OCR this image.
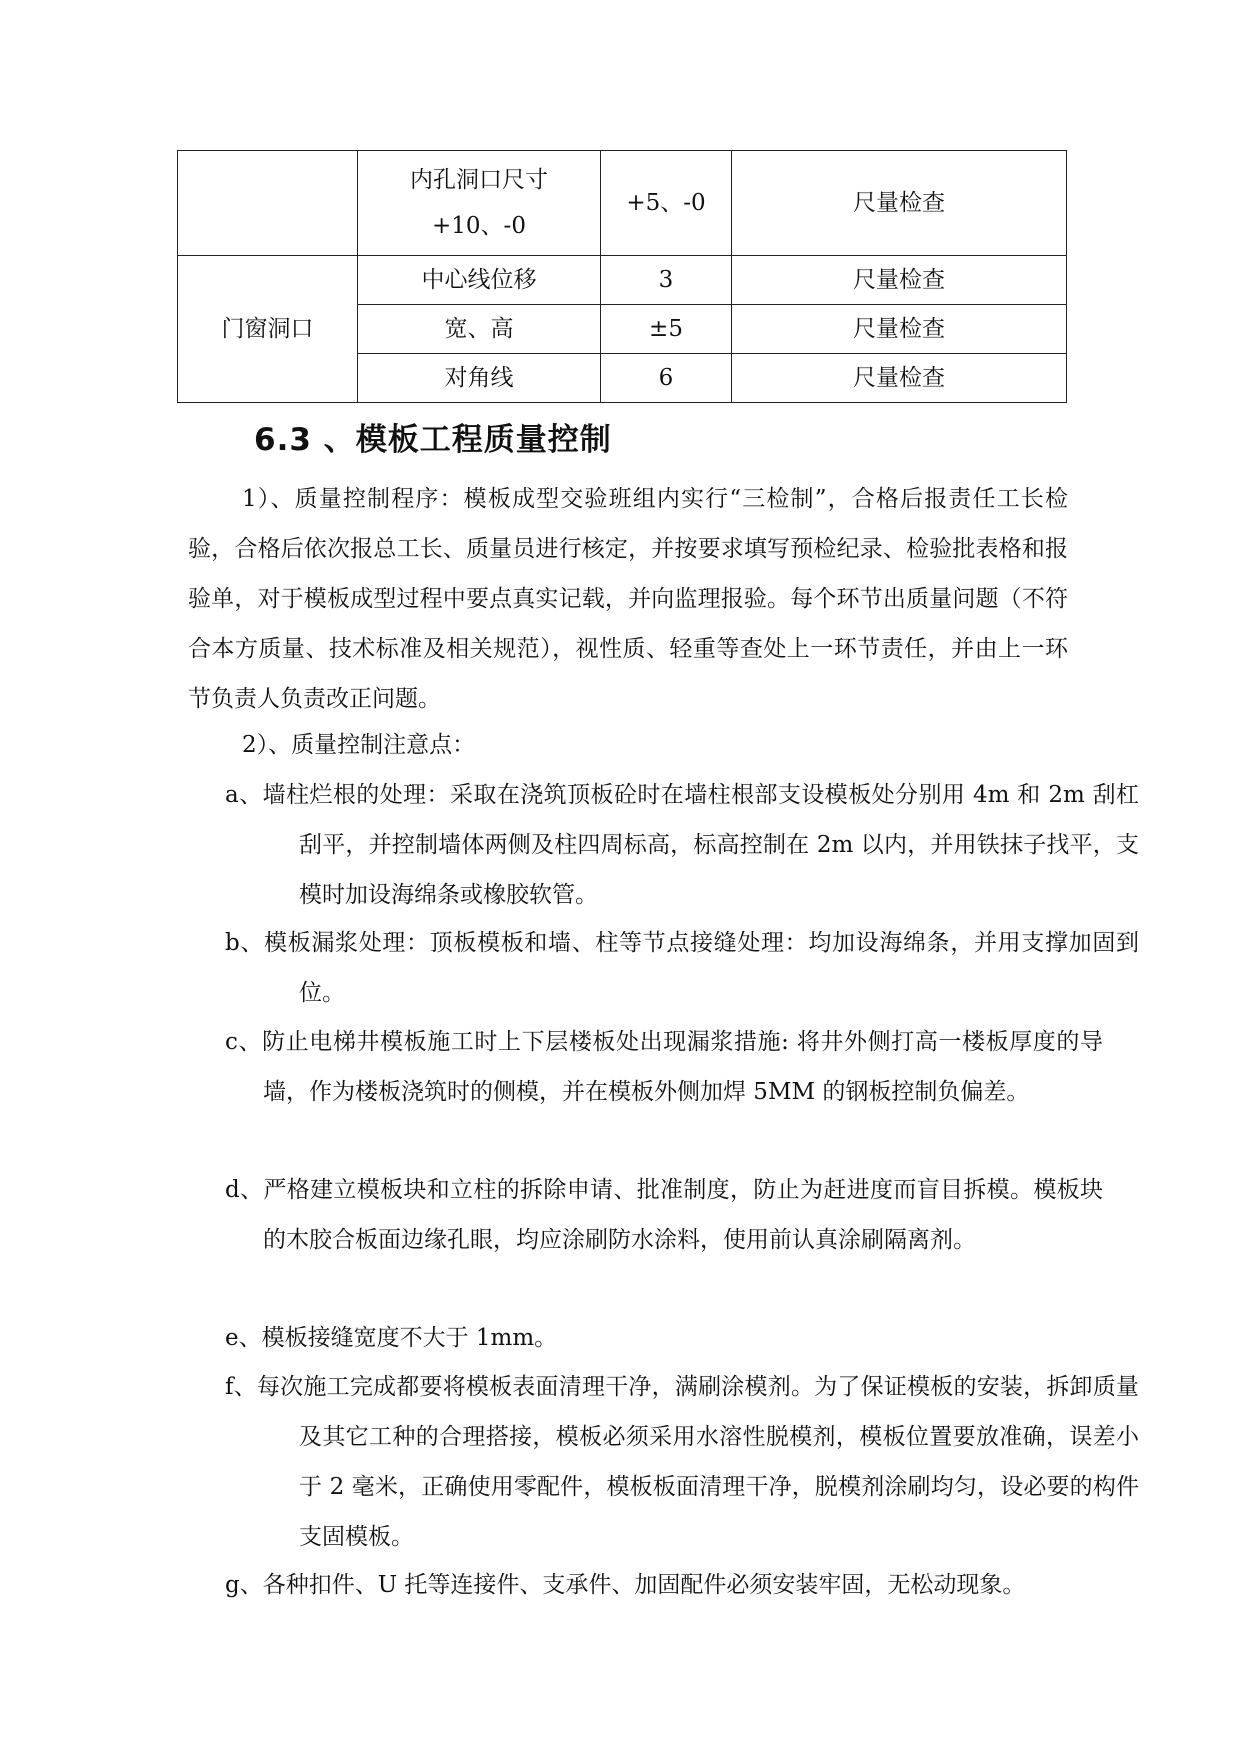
	内孔洞口尺寸+10、-0	+5、-0	尺量检查
门窗洞口	中心线位移	3	尺量检查
	宽、高	±5	尺量检查
	对角线	6	尺量检查
6.3 、模板工程质量控制
1）、质量控制程序：模板成型交验班组内实行“三检制”，合格后报责任工长检验，合格后依次报总工长、质量员进行核定，并按要求填写预检纪录、检验批表格和报验单，对于模板成型过程中要点真实记载，并向监理报验。每个环节出质量问题（不符合本方质量、技术标准及相关规范），视性质、轻重等查处上一环节责任，并由上一环节负责人负责改正问题。
2）、质量控制注意点：
a、墙柱烂根的处理：采取在浇筑顶板砼时在墙柱根部支设模板处分别用 4m 和 2m 刮杠刮平，并控制墙体两侧及柱四周标高，标高控制在 2m 以内，并用铁抹子找平，支模时加设海绵条或橡胶软管。
b、模板漏浆处理：顶板模板和墙、柱等节点接缝处理：均加设海绵条，并用支撑加固到位。
c、防止电梯井模板施工时上下层楼板处出现漏浆措施: 将井外侧打高一楼板厚度的导墙，作为楼板浇筑时的侧模，并在模板外侧加焊 5MM 的钢板控制负偏差。
d、严格建立模板块和立柱的拆除申请、批准制度，防止为赶进度而盲目拆模。模板块的木胶合板面边缘孔眼，均应涂刷防水涂料，使用前认真涂刷隔离剂。
e、模板接缝宽度不大于 1mm。
f、每次施工完成都要将模板表面清理干净，满刷涂模剂。为了保证模板的安装，拆卸质量及其它工种的合理搭接，模板必须采用水溶性脱模剂，模板位置要放准确，误差小于 2 毫米，正确使用零配件，模板板面清理干净，脱模剂涂刷均匀，设必要的构件支固模板。
g、各种扣件、U 托等连接件、支承件、加固配件必须安装牢固，无松动现象。
